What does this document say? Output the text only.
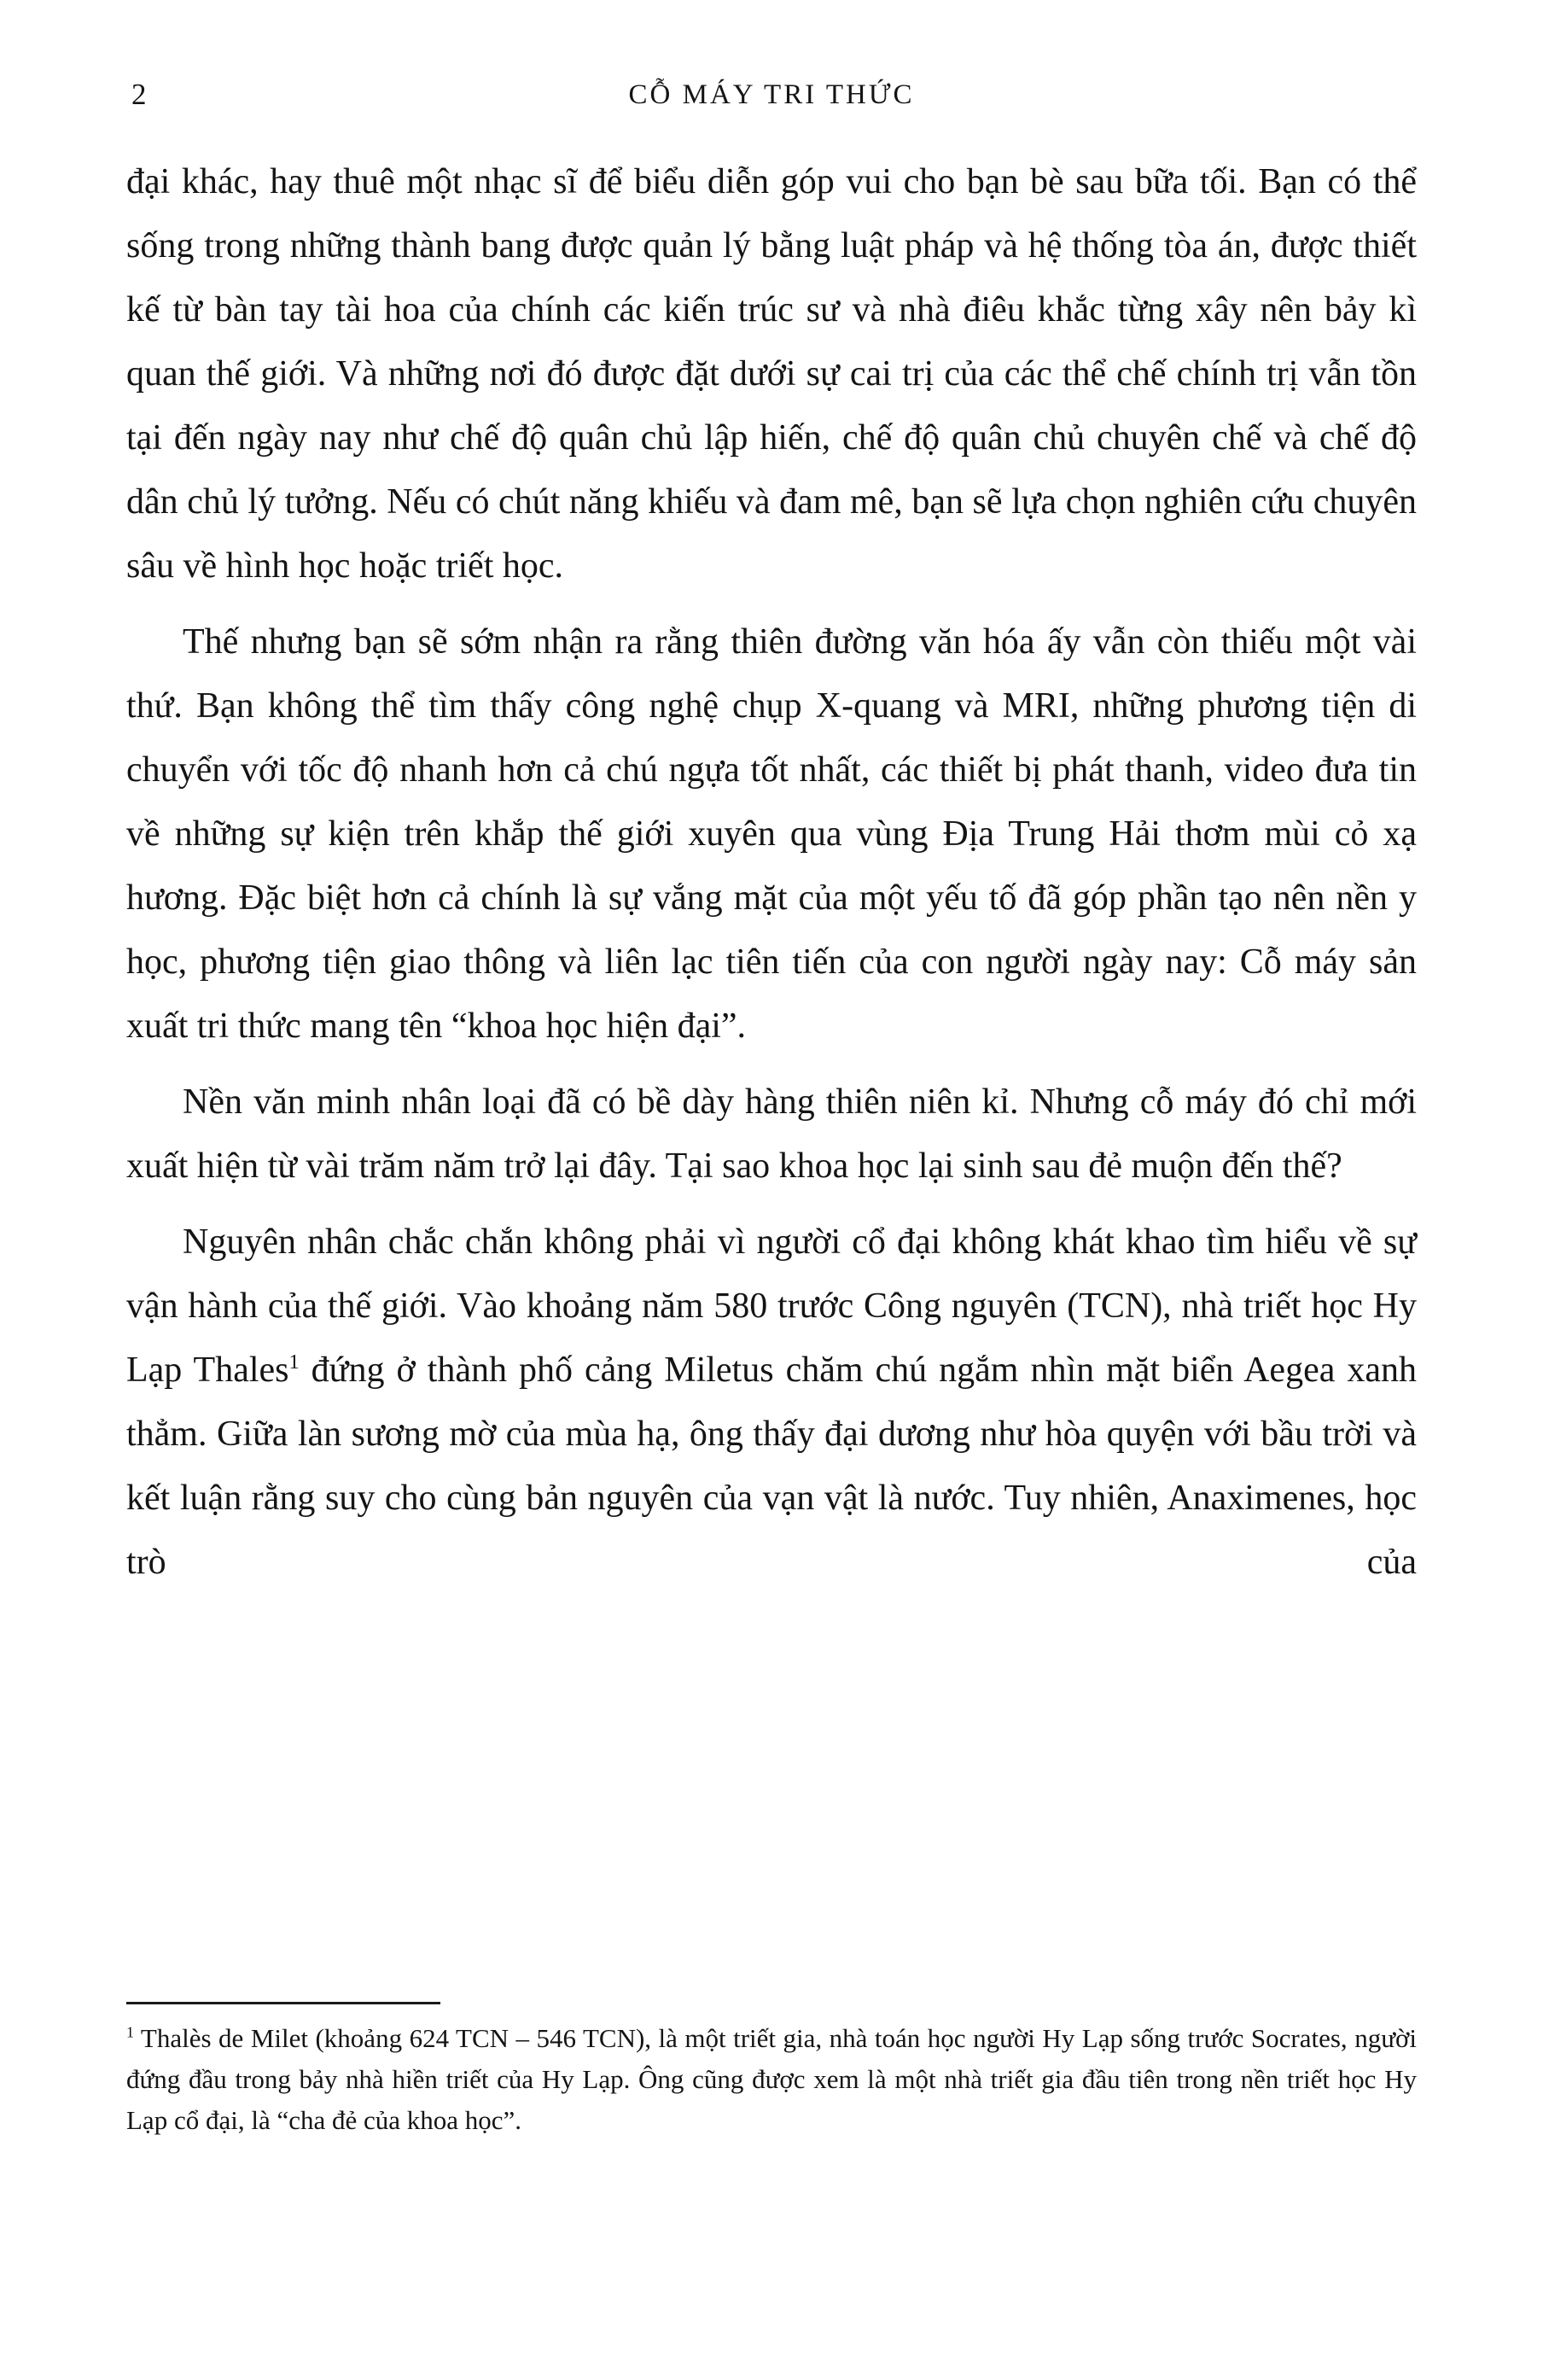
2	CỖ MÁY TRI THỨC

đại khác, hay thuê một nhạc sĩ để biểu diễn góp vui cho bạn bè sau bữa tối. Bạn có thể sống trong những thành bang được quản lý bằng luật pháp và hệ thống tòa án, được thiết kế từ bàn tay tài hoa của chính các kiến trúc sư và nhà điêu khắc từng xây nên bảy kì quan thế giới. Và những nơi đó được đặt dưới sự cai trị của các thể chế chính trị vẫn tồn tại đến ngày nay như chế độ quân chủ lập hiến, chế độ quân chủ chuyên chế và chế độ dân chủ lý tưởng. Nếu có chút năng khiếu và đam mê, bạn sẽ lựa chọn nghiên cứu chuyên sâu về hình học hoặc triết học.

Thế nhưng bạn sẽ sớm nhận ra rằng thiên đường văn hóa ấy vẫn còn thiếu một vài thứ. Bạn không thể tìm thấy công nghệ chụp X-quang và MRI, những phương tiện di chuyển với tốc độ nhanh hơn cả chú ngựa tốt nhất, các thiết bị phát thanh, video đưa tin về những sự kiện trên khắp thế giới xuyên qua vùng Địa Trung Hải thơm mùi cỏ xạ hương. Đặc biệt hơn cả chính là sự vắng mặt của một yếu tố đã góp phần tạo nên nền y học, phương tiện giao thông và liên lạc tiên tiến của con người ngày nay: Cỗ máy sản xuất tri thức mang tên “khoa học hiện đại”.

Nền văn minh nhân loại đã có bề dày hàng thiên niên kỉ. Nhưng cỗ máy đó chỉ mới xuất hiện từ vài trăm năm trở lại đây. Tại sao khoa học lại sinh sau đẻ muộn đến thế?

Nguyên nhân chắc chắn không phải vì người cổ đại không khát khao tìm hiểu về sự vận hành của thế giới. Vào khoảng năm 580 trước Công nguyên (TCN), nhà triết học Hy Lạp Thales$^1$ đứng ở thành phố cảng Miletus chăm chú ngắm nhìn mặt biển Aegea xanh thẳm. Giữa làn sương mờ của mùa hạ, ông thấy đại dương như hòa quyện với bầu trời và kết luận rằng suy cho cùng bản nguyên của vạn vật là nước. Tuy nhiên, Anaximenes, học trò của

$^1$ Thalès de Milet (khoảng 624 TCN – 546 TCN), là một triết gia, nhà toán học người Hy Lạp sống trước Socrates, người đứng đầu trong bảy nhà hiền triết của Hy Lạp. Ông cũng được xem là một nhà triết gia đầu tiên trong nền triết học Hy Lạp cổ đại, là “cha đẻ của khoa học”.
